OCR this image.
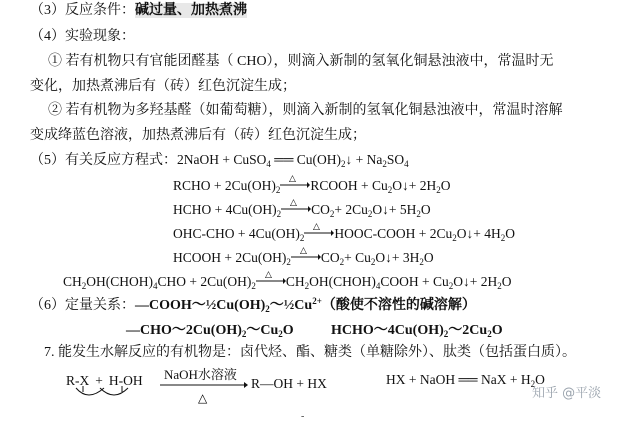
（3）反应条件：碱过量、加热煮沸
（4）实验现象：
① 若有机物只有官能团醛基（ CHO），则滴入新制的氢氧化铜悬浊液中，常温时无
变化，加热煮沸后有（砖）红色沉淀生成；
② 若有机物为多羟基醛（如葡萄糖），则滴入新制的氢氧化铜悬浊液中，常温时溶解
变成绛蓝色溶液，加热煮沸后有（砖）红色沉淀生成；
（5）有关反应方程式：2NaOH + CuSO$_4$ ══ $Cu(OH)_2↓ + Na_2SO_4$
RCHO + $2Cu(OH)_2$
△ RCOOH + $Cu_2O↓+ 2H_2O$
HCHO + $4Cu(OH)_2$
△ $CO_2+$ $2Cu_2O↓+ 5H_2O$
$OHC-CHO + 4Cu(OH)_2$
△ HOOC-COOH + $2Cu_2O↓+ 4H_2O$
HCOOH + $2Cu(OH)_2$
△ $CO_2+$ $Cu_2O↓+ 3H_2O$
$CH_2OH(CHOH)_4CHO + 2Cu(OH)_2$
△ $CH_2OH(CHOH)_4COOH$ + $Cu_2O↓+ 2H_2O$
（6）定量关系：$—COOH\sim\frac{1}{2}Cu(OH)_2\sim\frac{1}{2}Cu^{2+}$（酸使不溶性的碱溶解）
$—CHO\sim 2Cu(OH)_2\sim Cu_2O$	$HCHO\sim 4Cu(OH)_2\sim 2Cu_2O$
7. 能发生水解反应的有机物是：卤代烃、酯、糖类（单糖除外）、肽类（包括蛋白质）。
R-X + H-OH NaOH水溶液
△
R—OH + HX	HX + NaOH ══ NaX + $H_2O$
知乎 @平淡
-
